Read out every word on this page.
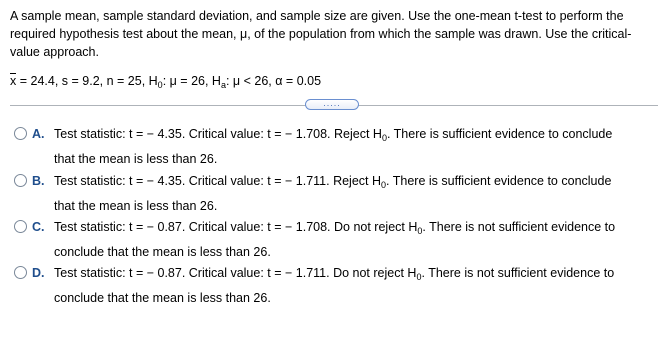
A sample mean, sample standard deviation, and sample size are given. Use the one-mean t-test to perform the required hypothesis test about the mean, μ, of the population from which the sample was drawn. Use the critical-value approach.
x = 24.4, s = 9.2, n = 25, $H_0$: μ = 26, $H_a$: μ < 26, α = 0.05
.....
A. Test statistic: t = − 4.35. Critical value: t = − 1.708. Reject $H_0$. There is sufficient evidence to conclude
that the mean is less than 26.
B. Test statistic: t = − 4.35. Critical value: t = − 1.711. Reject $H_0$. There is sufficient evidence to conclude
that the mean is less than 26.
C. Test statistic: t = − 0.87. Critical value: t = − 1.708. Do not reject $H_0$. There is not sufficient evidence to
conclude that the mean is less than 26.
D. Test statistic: t = − 0.87. Critical value: t = − 1.711. Do not reject $H_0$. There is not sufficient evidence to
conclude that the mean is less than 26.
